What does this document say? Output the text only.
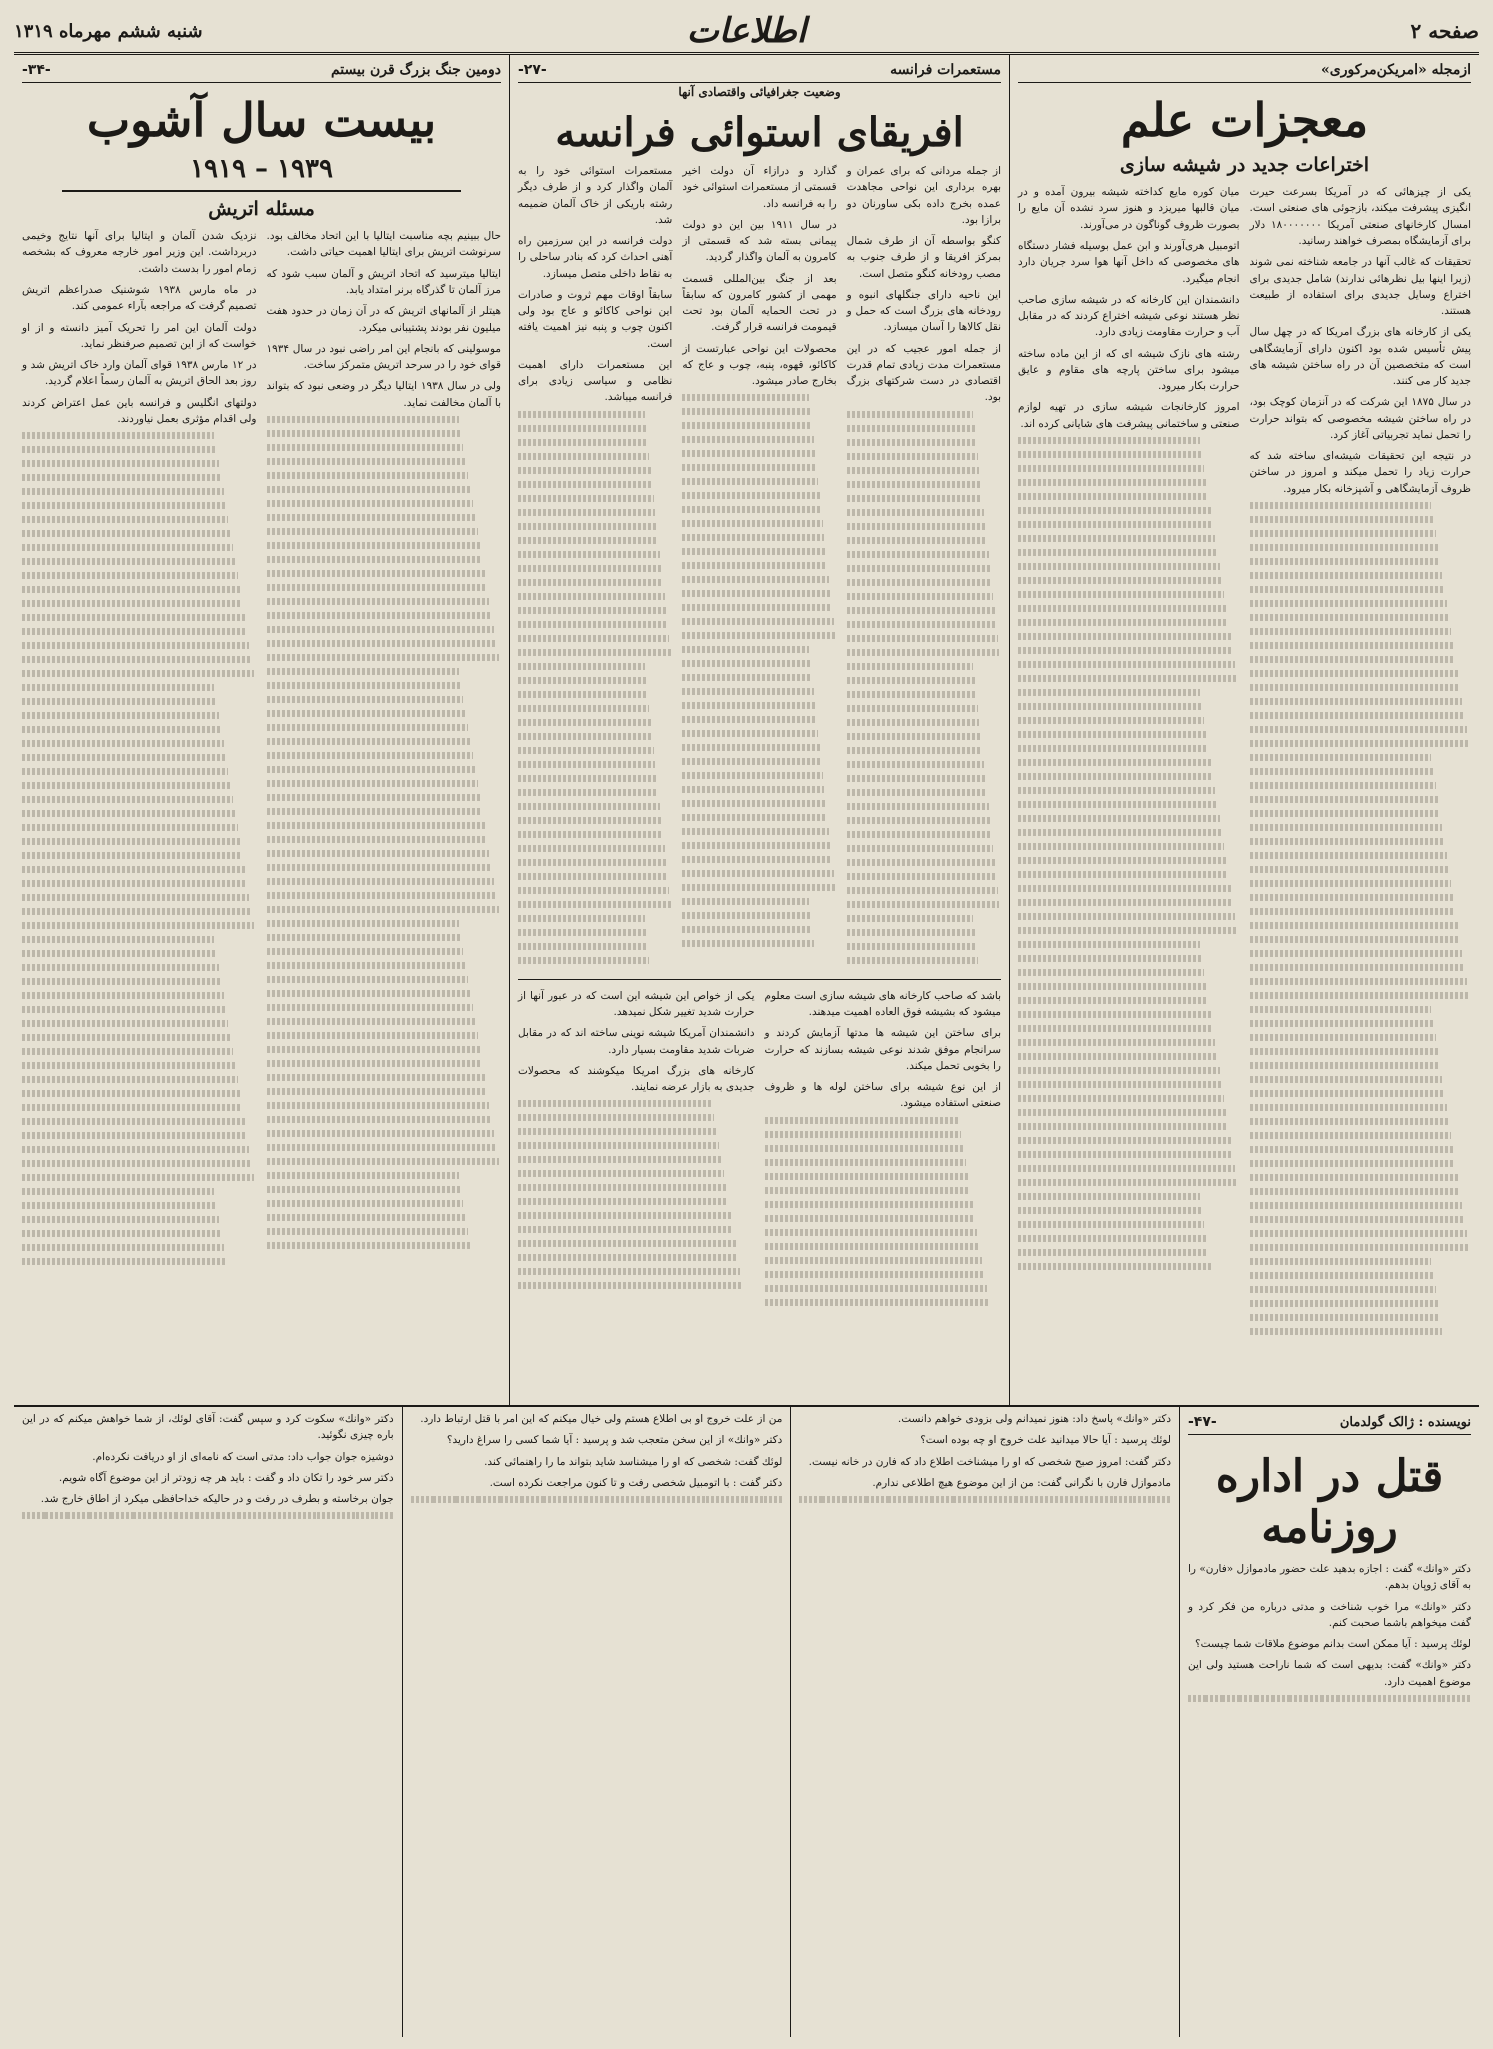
صفحه ۲
اطلاعات
شنبه ششم مهرماه ۱۳۱۹
ازمجله «امریکن‌مرکوری»
معجزات علم
اختراعات جدید در شیشه سازی

یکی از چیزهائی که در آمریکا بسرعت حیرت انگیزی پیشرفت میکند، بازجوئی های صنعتی است. امسال کارخانهای صنعتی آمریکا ۱۸۰۰۰۰۰۰۰ دلار برای آزمایشگاه بمصرف خواهند رسانید.

تحقیقات که غالب آنها در جامعه شناخته نمی شوند (زیرا اینها بیل نظرهائی ندارند) شامل جدیدی برای اختراع وسایل جدیدی برای استفاده از طبیعت هستند.

یکی از کارخانه های بزرگ امریکا که در چهل سال پیش تأسیس شده بود اکنون دارای آزمایشگاهی است که متخصصین آن در راه ساختن شیشه های جدید کار می کنند.

در سال ۱۸۷۵ این شرکت که در آنزمان کوچک بود، در راه ساختن شیشه مخصوصی که بتواند حرارت را تحمل نماید تجربیاتی آغاز کرد.

در نتیجه این تحقیقات شیشه‌ای ساخته شد که حرارت زیاد را تحمل میکند و امروز در ساختن ظروف آزمایشگاهی و آشپزخانه بکار میرود.

میان کوره مایع کداخته شیشه بیرون آمده و در میان قالبها میریزد و هنوز سرد نشده آن مایع را بصورت ظروف گوناگون در می‌آورند.

اتومبیل هری‌آورند و ابن عمل بوسیله فشار دستگاه های مخصوصی که داخل آنها هوا سرد جریان دارد انجام میگیرد.

دانشمندان این کارخانه که در شیشه سازی صاحب نظر هستند نوعی شیشه اختراع کردند که در مقابل آب و حرارت مقاومت زیادی دارد.

رشته های نازک شیشه ای که از این ماده ساخته میشود برای ساختن پارچه های مقاوم و عایق حرارت بکار میرود.

امروز کارخانجات شیشه سازی در تهیه لوازم صنعتی و ساختمانی پیشرفت های شایانی کرده اند.

مستعمرات فرانسه
-۲۷-
وضعیت جغرافیائی واقتصادی آنها
افریقای استوائی فرانسه

از جمله مردانی که برای عمران و بهره برداری این نواحی مجاهدت عمده بخرج داده بکی ساورنان دو برازا بود.

کنگو بواسطه آن از طرف شمال بمرکز افریقا و از طرف جنوب به مصب رودخانه کنگو متصل است.

این ناحیه دارای جنگلهای انبوه و رودخانه های بزرگ است که حمل و نقل کالاها را آسان میسازد.

از جمله امور عجیب که در این مستعمرات مدت زیادی تمام قدرت اقتصادی در دست شرکتهای بزرگ بود.

گذارد و درازاء آن دولت اخیر قسمتی از مستعمرات استوائی خود را به فرانسه داد.

در سال ۱۹۱۱ بین این دو دولت پیمانی بسته شد که قسمتی از کامرون به آلمان واگذار گردید.

بعد از جنگ بین‌المللی قسمت مهمی از کشور کامرون که سابقاً در تحت الحمایه آلمان بود تحت قیمومت فرانسه قرار گرفت.

محصولات این نواحی عبارتست از کاکائو، قهوه، پنبه، چوب و عاج که بخارج صادر میشود.

مستعمرات استوائی خود را به آلمان واگذار کرد و از طرف دیگر رشته باریکی از خاک آلمان ضمیمه شد.

دولت فرانسه در این سرزمین راه آهنی احداث کرد که بنادر ساحلی را به نقاط داخلی متصل میسازد.

سابقاً اوقات مهم ثروت و صادرات این نواحی کاکائو و عاج بود ولی اکنون چوب و پنبه نیز اهمیت یافته است.

این مستعمرات دارای اهمیت نظامی و سیاسی زیادی برای فرانسه میباشد.

باشد که صاحب کارخانه های شیشه سازی است معلوم میشود که بشیشه فوق العاده اهمیت میدهند.

برای ساختن این شیشه ها مدتها آزمایش کردند و سرانجام موفق شدند نوعی شیشه بسازند که حرارت را بخوبی تحمل میکند.

از این نوع شیشه برای ساختن لوله ها و ظروف صنعتی استفاده میشود.

یکی از خواص این شیشه این است که در عبور آنها از حرارت شدید تغییر شکل نمیدهد.

دانشمندان آمریکا شیشه نوینی ساخته اند که در مقابل ضربات شدید مقاومت بسیار دارد.

کارخانه های بزرگ امریکا میکوشند که محصولات جدیدی به بازار عرضه نمایند.

دومین جنگ بزرگ قرن بیستم
-۳۴-
بیست سال آشوب
۱۹۳۹ – ۱۹۱۹
مسئله اتریش

حال ببینیم بچه مناسبت ایتالیا با این اتحاد مخالف بود. سرنوشت اتریش برای ایتالیا اهمیت حیاتی داشت.

ایتالیا میترسید که اتحاد اتریش و آلمان سبب شود که مرز آلمان تا گذرگاه برنر امتداد یابد.

هیتلر از آلمانهای اتریش که در آن زمان در حدود هفت میلیون نفر بودند پشتیبانی میکرد.

موسولینی که بانجام این امر راضی نبود در سال ۱۹۳۴ قوای خود را در سرحد اتریش متمرکز ساخت.

ولی در سال ۱۹۳۸ ایتالیا دیگر در وضعی نبود که بتواند با آلمان مخالفت نماید.

نزدیک شدن آلمان و ایتالیا برای آنها نتایج وخیمی دربرداشت. این وزیر امور خارجه معروف که بشخصه زمام امور را بدست داشت.

در ماه مارس ۱۹۳۸ شوشنیک صدراعظم اتریش تصمیم گرفت که مراجعه بآراء عمومی کند.

دولت آلمان این امر را تحریک آمیز دانسته و از او خواست که از این تصمیم صرفنظر نماید.

در ۱۲ مارس ۱۹۳۸ قوای آلمان وارد خاک اتریش شد و روز بعد الحاق اتریش به آلمان رسماً اعلام گردید.

دولتهای انگلیس و فرانسه باین عمل اعتراض کردند ولی اقدام مؤثری بعمل نیاوردند.

نویسنده : ژالک گولدمان
-۴۷-
قتل در اداره روزنامه

دکتر «وانك» گفت : اجازه بدهید علت حضور مادموازل «فارن» را به آقای ژوپان بدهم.

دکتر «وانك» مرا خوب شناخت و مدتی درباره من فکر کرد و گفت میخواهم باشما صحبت کنم.

لوئك پرسید : آیا ممکن است بدانم موضوع ملاقات شما چیست؟

دکتر «وانك» گفت: بدیهی است که شما ناراحت هستید ولی این موضوع اهمیت دارد.

دکتر «وانك» پاسخ داد: هنوز نمیدانم ولی بزودی خواهم دانست.

لوئك پرسید : آیا حالا میدانید علت خروج او چه بوده است؟

دکتر گفت: امروز صبح شخصی که او را میشناخت اطلاع داد که فارن در خانه نیست.

مادموازل فارن با نگرانی گفت: من از این موضوع هیچ اطلاعی ندارم.

من از علت خروج او بی اطلاع هستم ولی خیال میکنم که این امر با قتل ارتباط دارد.

دکتر «وانك» از این سخن متعجب شد و پرسید : آیا شما کسی را سراغ دارید؟

لوئك گفت: شخصی که او را میشناسد شاید بتواند ما را راهنمائی کند.

دکتر گفت : با اتومبیل شخصی رفت و تا کنون مراجعت نکرده است.

دکتر «وانك» سکوت کرد و سپس گفت: آقای لوئك، از شما خواهش میکنم که در این باره چیزی نگوئید.

دوشیزه جوان جواب داد: مدتی است که نامه‌ای از او دریافت نکرده‌ام.

دکتر سر خود را تکان داد و گفت : باید هر چه زودتر از این موضوع آگاه شویم.

جوان برخاسته و بطرف در رفت و در حالیکه خداحافظی میکرد از اطاق خارج شد.
